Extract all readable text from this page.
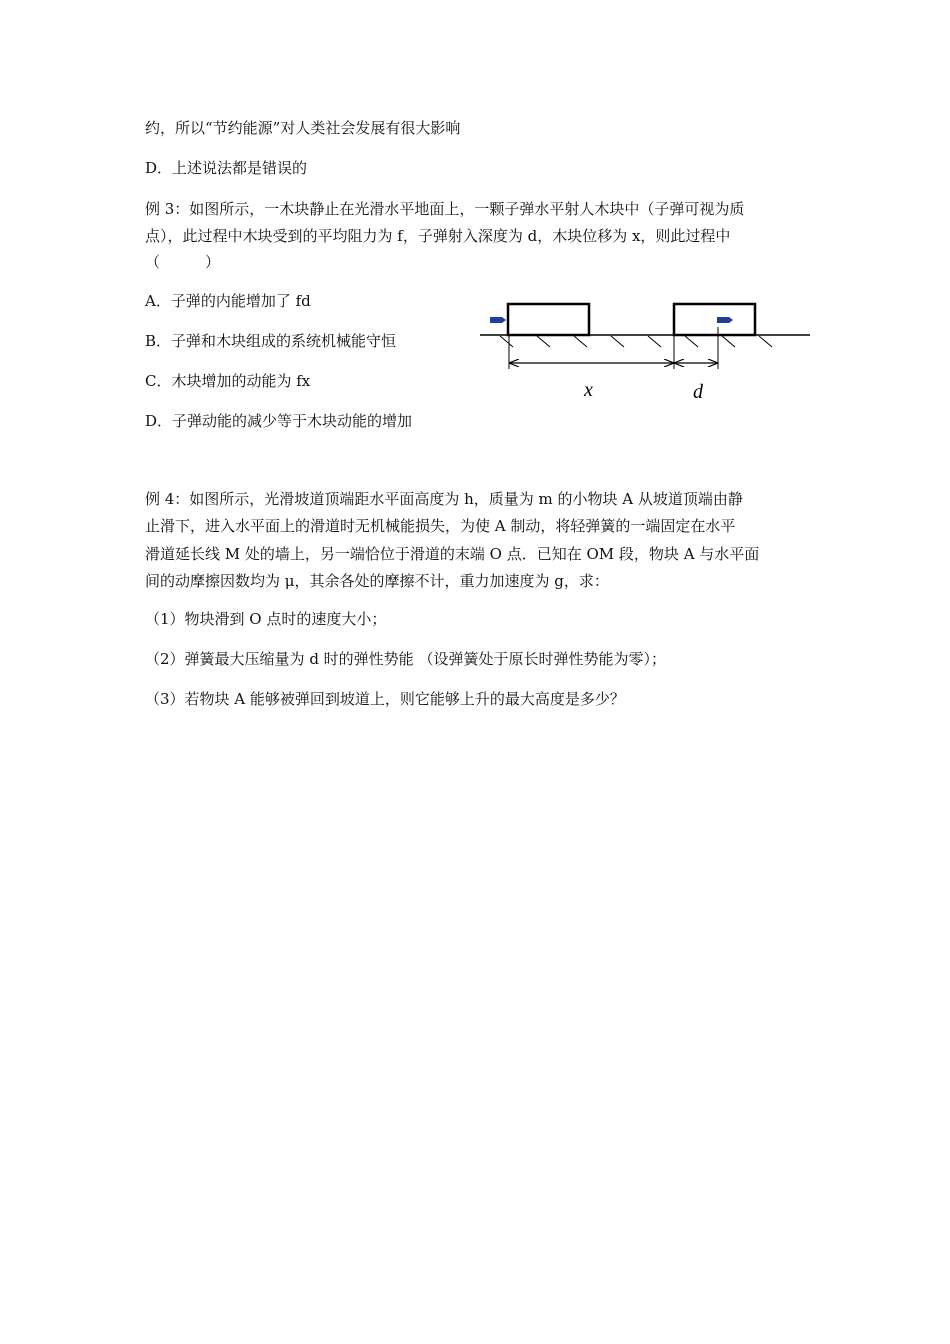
约，所以“节约能源”对人类社会发展有很大影响
D．上述说法都是错误的

例 3：如图所示，一木块静止在光滑水平地面上，一颗子弹水平射人木块中（子弹可视为质

点），此过程中木块受到的平均阻力为 f，子弹射入深度为 d，木块位移为 x，则此过程中

（　　　）

A．子弹的内能增加了 fd
B．子弹和木块组成的系统机械能守恒
C．木块增加的动能为 fx
D．子弹动能的减少等于木块动能的增加
x	d

例 4：如图所示，光滑坡道顶端距水平面高度为 h，质量为 m 的小物块 A 从坡道顶端由静

止滑下，进入水平面上的滑道时无机械能损失，为使 A 制动，将轻弹簧的一端固定在水平

滑道延长线 M 处的墙上，另一端恰位于滑道的末端 O 点．已知在 OM 段，物块 A 与水平面

间的动摩擦因数均为 μ，其余各处的摩擦不计，重力加速度为 g，求：

（1）物块滑到 O 点时的速度大小；
（2）弹簧最大压缩量为 d 时的弹性势能 （设弹簧处于原长时弹性势能为零）；
（3）若物块 A 能够被弹回到坡道上，则它能够上升的最大高度是多少？
